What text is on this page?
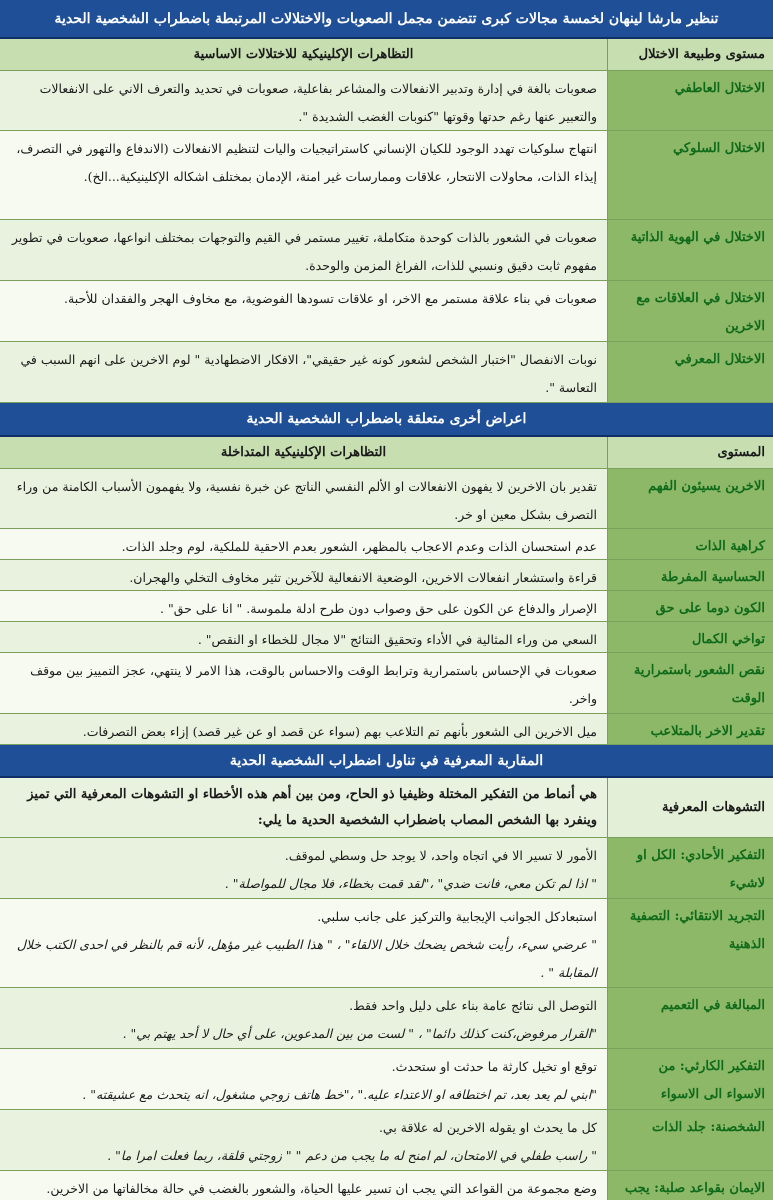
تنظير مارشا لينهان لخمسة مجالات كبرى تتضمن مجمل الصعوبات والاختلالات المرتبطة باضطراب الشخصية الحدية
مستوى وطبيعة الاختلال
التظاهرات الإكلينيكية للاختلالات الاساسية
الاختلال العاطفي
صعوبات بالغة في إدارة وتدبير الانفعالات والمشاعر بفاعلية، صعوبات في تحديد والتعرف الاني على الانفعالات والتعبير عنها رغم حدتها وقوتها "كنوبات الغضب الشديدة ".
الاختلال السلوكي
انتهاج سلوكيات تهدد الوجود للكيان الإنساني كاستراتيجيات واليات لتنظيم الانفعالات (الاندفاع والتهور في التصرف، إيذاء الذات، محاولات الانتحار، علاقات وممارسات غير امنة، الإدمان بمختلف اشكاله الإكلينيكية...الخ).
الاختلال في الهوية الذاتية
صعوبات في الشعور بالذات كوحدة متكاملة، تغيير مستمر في القيم والتوجهات بمختلف انواعها، صعوبات في تطوير مفهوم ثابت دقيق ونسبي للذات، الفراغ المزمن والوحدة.
الاختلال في العلاقات مع الاخرين
صعوبات في بناء علاقة مستمر مع الاخر، او علاقات تسودها الفوضوية، مع مخاوف الهجر والفقدان للأحبة.
الاختلال المعرفي
نوبات الانفصال "اختبار الشخص لشعور كونه غير حقيقي"، الافكار الاضطهادية " لوم الاخرين على انهم السبب في التعاسة ".
اعراض أخرى متعلقة باضطراب الشخصية الحدية
المستوى
التظاهرات الإكلينيكية المتداخلة
الاخرين يسيئون الفهم
تقدير بان الاخرين لا يفهون الانفعالات او الألم النفسي الناتج عن خبرة نفسية، ولا يفهمون الأسباب الكامنة من وراء التصرف بشكل معين او خر.
كراهية الذات
عدم استحسان الذات وعدم الاعجاب بالمظهر، الشعور بعدم الاحقية للملكية، لوم وجلد الذات.
الحساسية المفرطة
قراءة واستشعار انفعالات الاخرين، الوضعية الانفعالية للآخرين تثير مخاوف التخلي والهجران.
الكون دوما على حق
الإصرار والدفاع عن الكون على حق وصواب دون طرح ادلة ملموسة. " انا على حق" .
تواخي الكمال
السعي من وراء المثالية في الأداء وتحقيق النتائج "لا مجال للخطاء او النقص" .
نقص الشعور باستمرارية الوقت
صعوبات في الإحساس باستمرارية وترابط الوقت والاحساس بالوقت، هذا الامر لا ينتهي، عجز التمييز بين موقف واخر.
تقدير الاخر بالمتلاعب
ميل الاخرين الى الشعور بأنهم تم التلاعب بهم (سواء عن قصد او عن غير قصد) إزاء بعض التصرفات.
المقاربة المعرفية في تناول اضطراب الشخصية الحدية
التشوهات المعرفية
هي أنماط من التفكير المختلة وظيفيا ذو الحاح، ومن بين أهم هذه الأخطاء او التشوهات المعرفية التي تميز وينفرد بها الشخص المصاب باضطراب الشخصية الحدية ما يلي:
التفكير الأحادي: الكل او لاشيء
الأمور لا تسير الا في اتجاه واحد، لا يوجد حل وسطي لموقف.
" اذا لم تكن معي، فانت ضدي" ،"لقد قمت بخطاء، فلا مجال للمواصلة" .
التجريد الانتقائي: التصفية الذهنية
استبعادكل الجوانب الإيجابية والتركيز على جانب سلبي.
" عرضي سيء، رأيت شخص يضحك خلال الالقاء" ، " هذا الطبيب غير مؤهل، لأنه قم بالنظر في احدى الكتب خلال المقابلة " .
المبالغة في التعميم
التوصل الى نتائج عامة بناء على دليل واحد فقط.
"القرار مرفوض،كنت كذلك دائما" ، " لست من بين المدعوين، على أي حال لا أحد يهتم بي" .
التفكير الكارثي: من الاسواء الى الاسواء
توقع او تخيل كارثة ما حدثت او ستحدث.
"ابني لم يعد بعد، تم اختطافه او الاعتداء عليه." ،"خط هاتف زوجي مشغول، انه يتحدث مع عشيقته" .
الشخصنة: جلد الذات
كل ما يحدث او يقوله الاخرين له علاقة بي.
" راسب طفلي في الامتحان، لم امنح له ما يجب من دعم " " زوجتي قلقة، ربما فعلت امرا ما" .
الايمان بقواعد صلبة: يجب
وضع مجموعة من القواعد التي يجب ان تسير عليها الحياة، والشعور بالغضب في حالة مخالفاتها من الاخرين.
